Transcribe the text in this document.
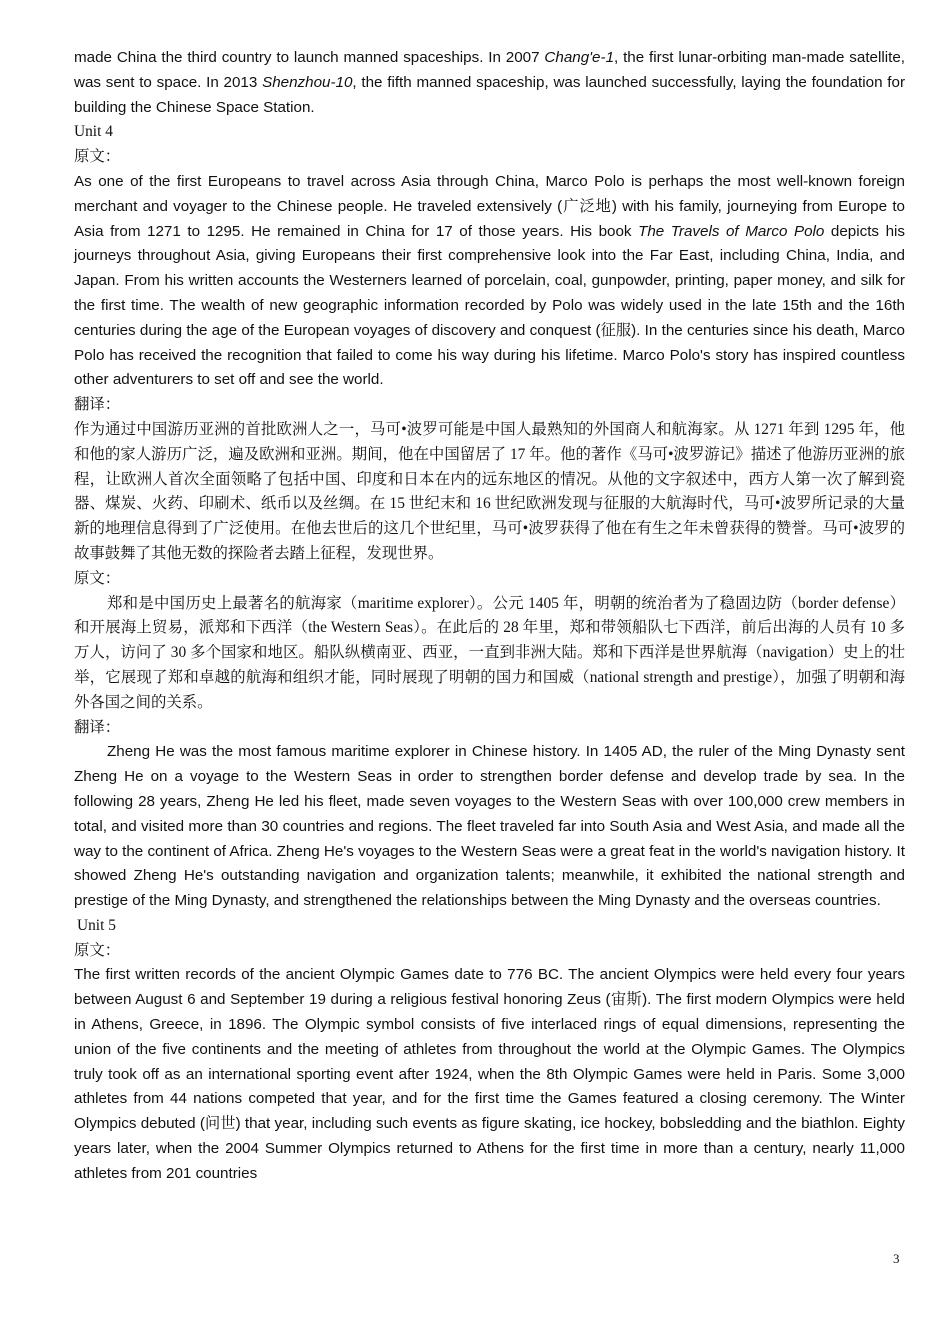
made China the third country to launch manned spaceships. In 2007 Chang'e-1, the first lunar-orbiting man-made satellite, was sent to space. In 2013 Shenzhou-10, the fifth manned spaceship, was launched successfully, laying the foundation for building the Chinese Space Station.

Unit 4

原文：

As one of the first Europeans to travel across Asia through China, Marco Polo is perhaps the most well-known foreign merchant and voyager to the Chinese people. He traveled extensively (广泛地) with his family, journeying from Europe to Asia from 1271 to 1295. He remained in China for 17 of those years. His book The Travels of Marco Polo depicts his journeys throughout Asia, giving Europeans their first comprehensive look into the Far East, including China, India, and Japan. From his written accounts the Westerners learned of porcelain, coal, gunpowder, printing, paper money, and silk for the first time. The wealth of new geographic information recorded by Polo was widely used in the late 15th and the 16th centuries during the age of the European voyages of discovery and conquest (征服). In the centuries since his death, Marco Polo has received the recognition that failed to come his way during his lifetime. Marco Polo's story has inspired countless other adventurers to set off and see the world.

翻译：

作为通过中国游历亚洲的首批欧洲人之一，马可•波罗可能是中国人最熟知的外国商人和航海家。从 1271 年到 1295 年，他和他的家人游历广泛，遍及欧洲和亚洲。期间，他在中国留居了 17 年。他的著作《马可•波罗游记》描述了他游历亚洲的旅程，让欧洲人首次全面领略了包括中国、印度和日本在内的远东地区的情况。从他的文字叙述中，西方人第一次了解到瓷器、煤炭、火药、印刷术、纸币以及丝绸。在 15 世纪末和 16 世纪欧洲发现与征服的大航海时代，马可•波罗所记录的大量新的地理信息得到了广泛使用。在他去世后的这几个世纪里，马可•波罗获得了他在有生之年未曾获得的赞誉。马可•波罗的故事鼓舞了其他无数的探险者去踏上征程，发现世界。

原文：

郑和是中国历史上最著名的航海家（maritime explorer）。公元 1405 年，明朝的统治者为了稳固边防（border defense）和开展海上贸易，派郑和下西洋（the Western Seas）。在此后的 28 年里，郑和带领船队七下西洋，前后出海的人员有 10 多万人，访问了 30 多个国家和地区。船队纵横南亚、西亚，一直到非洲大陆。郑和下西洋是世界航海（navigation）史上的壮举，它展现了郑和卓越的航海和组织才能，同时展现了明朝的国力和国威（national strength and prestige），加强了明朝和海外各国之间的关系。

翻译：

Zheng He was the most famous maritime explorer in Chinese history. In 1405 AD, the ruler of the Ming Dynasty sent Zheng He on a voyage to the Western Seas in order to strengthen border defense and develop trade by sea. In the following 28 years, Zheng He led his fleet, made seven voyages to the Western Seas with over 100,000 crew members in total, and visited more than 30 countries and regions. The fleet traveled far into South Asia and West Asia, and made all the way to the continent of Africa. Zheng He's voyages to the Western Seas were a great feat in the world's navigation history. It showed Zheng He's outstanding navigation and organization talents; meanwhile, it exhibited the national strength and prestige of the Ming Dynasty, and strengthened the relationships between the Ming Dynasty and the overseas countries.

Unit 5

原文：

The first written records of the ancient Olympic Games date to 776 BC. The ancient Olympics were held every four years between August 6 and September 19 during a religious festival honoring Zeus (宙斯). The first modern Olympics were held in Athens, Greece, in 1896. The Olympic symbol consists of five interlaced rings of equal dimensions, representing the union of the five continents and the meeting of athletes from throughout the world at the Olympic Games. The Olympics truly took off as an international sporting event after 1924, when the 8th Olympic Games were held in Paris. Some 3,000 athletes from 44 nations competed that year, and for the first time the Games featured a closing ceremony. The Winter Olympics debuted (问世) that year, including such events as figure skating, ice hockey, bobsledding and the biathlon. Eighty years later, when the 2004 Summer Olympics returned to Athens for the first time in more than a century, nearly 11,000 athletes from 201 countries

3
